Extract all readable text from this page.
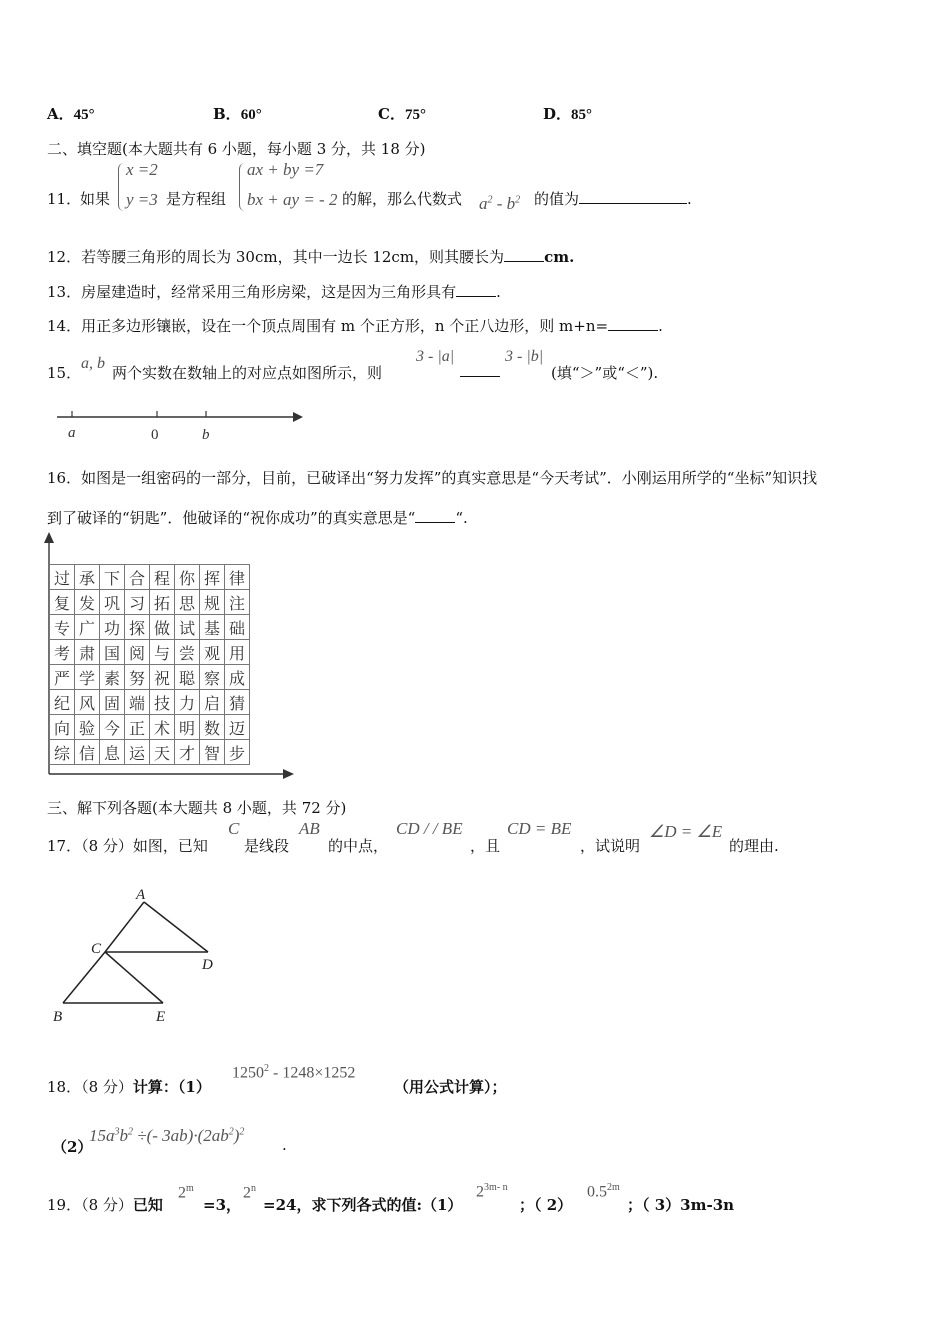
A．45°	B．60°	C．75°	D．85°
二、填空题(本大题共有 6 小题，每小题 3 分，共 18 分)
11．
如果
x =2
y =3 是方程组
ax + by =7
bx + ay = - 2 的解，那么代数式 $a^2 - b^2$ 的值为	.
12．若等腰三角形的周长为 30cm，其中一边长 12cm，则其腰长为	cm.
13．房屋建造时，经常采用三角形房梁，这是因为三角形具有	.
14．用正多边形镶嵌，设在一个顶点周围有 m 个正方形，n 个正八边形，则 m+n=	.
15．
a, b
两个实数在数轴上的对应点如图所示，则
3 - |a|	3 - |b|
(填“＞”或“＜”).
a	0	b
16．如图是一组密码的一部分，目前，已破译出“努力发挥”的真实意思是“今天考试”．小刚运用所学的“坐标”知识找
到了破译的“钥匙”．他破译的“祝你成功”的真实意思是“	“.
过	承	下	合	程	你	挥	律
复	发	巩	习	拓	思	规	注
专	广	功	探	做	试	基	础
考	肃	国	阅	与	尝	观	用
严	学	素	努	祝	聪	察	成
纪	风	固	端	技	力	启	猜
向	验	今	正	术	明	数	迈
综	信	息	运	天	才	智	步
三、解下列各题(本大题共 8 小题，共 72 分)
17．（8 分）如图，已知
C
是线段
AB
的中点，
CD / / BE
，且
CD = BE
，试说明
∠D = ∠E
的理由.
A
C
D
B	E
18．（8 分）计算：（1）
1250$^2$ - 1248×1252
（用公式计算）；
（2）
$15a^3b^2$ ÷(- $3ab)\cdot(2ab^2)^2$
.
19．（8 分）已知
$2^m$
=3，
$2^n$
=24，求下列各式的值:（1）
$2^{3m- n}$
；（ 2）
$0.5^{2m}$
；（ 3）3m-3n
